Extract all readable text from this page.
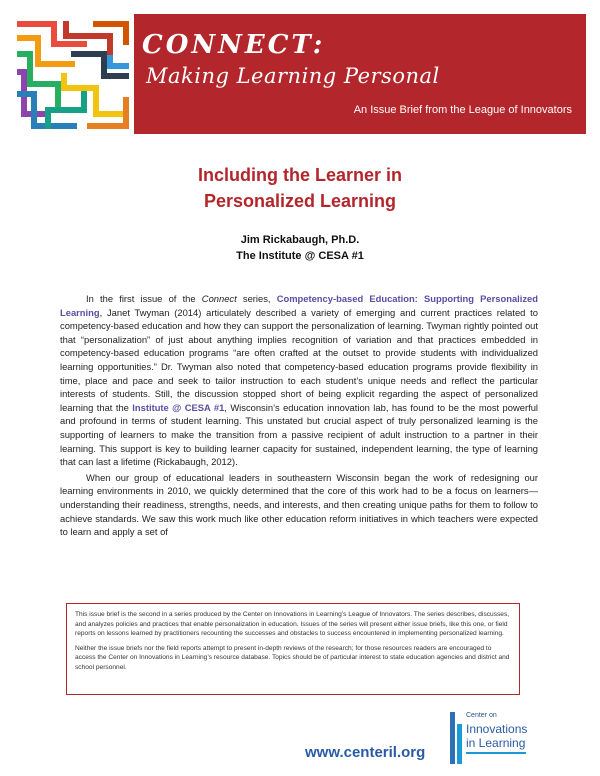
CONNECT:
Making Learning Personal
An Issue Brief from the League of Innovators
Including the Learner in
Personalized Learning
Jim Rickabaugh, Ph.D.
The Institute @ CESA #1

In the first issue of the Connect series, Competency-based Education: Supporting Personalized Learning, Janet Twyman (2014) articulately described a variety of emerging and current practices related to competency-based education and how they can support the personalization of learning. Twyman rightly pointed out that “personalization” of just about anything implies recognition of variation and that practices embedded in competency-based education programs “are often crafted at the outset to provide students with individualized learning opportunities.” Dr. Twyman also noted that competency-based education programs provide flexibility in time, place and pace and seek to tailor instruction to each student’s unique needs and reflect the particular interests of students. Still, the discussion stopped short of being explicit regarding the aspect of personalized learning that the Institute @ CESA #1, Wisconsin’s education innovation lab, has found to be the most powerful and profound in terms of student learning. This unstated but crucial aspect of truly personalized learning is the supporting of learners to make the transition from a passive recipient of adult instruction to a partner in their learning. This support is key to building learner capacity for sustained, independent learning, the type of learning that can last a lifetime (Rickabaugh, 2012).

When our group of educational leaders in southeastern Wisconsin began the work of redesigning our learning environments in 2010, we quickly determined that the core of this work had to be a focus on learners—understanding their readiness, strengths, needs, and interests, and then creating unique paths for them to follow to achieve standards. We saw this work much like other education reform initiatives in which teachers were expected to learn and apply a set of

This issue brief is the second in a series produced by the Center on Innovations in Learning’s League of Innovators. The series describes, discusses, and analyzes policies and practices that enable personalization in education. Issues of the series will present either issue briefs, like this one, or field reports on lessons learned by practitioners recounting the successes and obstacles to success encountered in implementing personalized learning.

Neither the issue briefs nor the field reports attempt to present in-depth reviews of the research; for those resources readers are encouraged to access the Center on Innovations in Learning’s resource database. Topics should be of particular interest to state education agencies and district and school personnel.

www.centeril.org
Center on
Innovations
in Learning
